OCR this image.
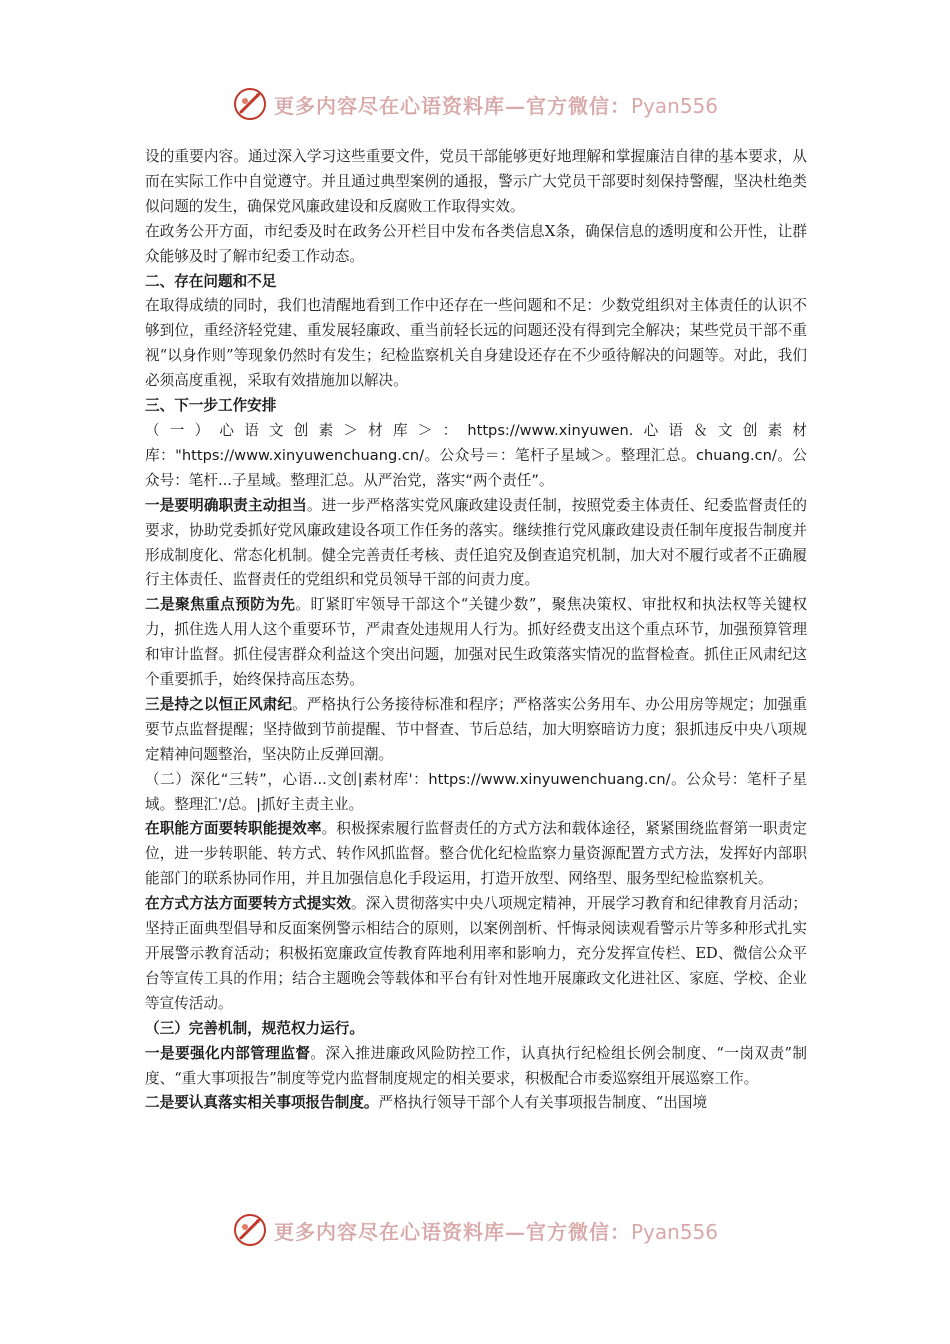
更多内容尽在心语资料库—官方微信：Pyan556

设的重要内容。通过深入学习这些重要文件，党员干部能够更好地理解和掌握廉洁自律的基本要求，从而在实际工作中自觉遵守。并且通过典型案例的通报，警示广大党员干部要时刻保持警醒，坚决杜绝类似问题的发生，确保党风廉政建设和反腐败工作取得实效。

在政务公开方面，市纪委及时在政务公开栏目中发布各类信息X条，确保信息的透明度和公开性，让群众能够及时了解市纪委工作动态。

二、存在问题和不足

在取得成绩的同时，我们也清醒地看到工作中还存在一些问题和不足：少数党组织对主体责任的认识不够到位，重经济轻党建、重发展轻廉政、重当前轻长远的问题还没有得到完全解决；某些党员干部不重视“以身作则”等现象仍然时有发生；纪检监察机关自身建设还存在不少亟待解决的问题等。对此，我们必须高度重视，采取有效措施加以解决。

三、下一步工作安排

（一）心语文创素＞材库＞：https://www.xinyuwen.心语＆文创素材库："https://www.xinyuwenchuang.cn/。公众号＝：笔杆子星域＞。整理汇总。chuang.cn/。公众号：笔杆...子星域。整理汇总。从严治党，落实“两个责任”。

一是要明确职责主动担当。进一步严格落实党风廉政建设责任制，按照党委主体责任、纪委监督责任的要求，协助党委抓好党风廉政建设各项工作任务的落实。继续推行党风廉政建设责任制年度报告制度并形成制度化、常态化机制。健全完善责任考核、责任追究及倒查追究机制，加大对不履行或者不正确履行主体责任、监督责任的党组织和党员领导干部的问责力度。

二是聚焦重点预防为先。盯紧盯牢领导干部这个“关键少数”，聚焦决策权、审批权和执法权等关键权力，抓住选人用人这个重要环节，严肃查处违规用人行为。抓好经费支出这个重点环节，加强预算管理和审计监督。抓住侵害群众利益这个突出问题，加强对民生政策落实情况的监督检查。抓住正风肃纪这个重要抓手，始终保持高压态势。

三是持之以恒正风肃纪。严格执行公务接待标准和程序；严格落实公务用车、办公用房等规定；加强重要节点监督提醒；坚持做到节前提醒、节中督查、节后总结，加大明察暗访力度；狠抓违反中央八项规定精神问题整治，坚决防止反弹回潮。

（二）深化“三转”，心语...文创|素材库'：https://www.xinyuwenchuang.cn/。公众号：笔杆子星域。整理汇'/总。|抓好主责主业。

在职能方面要转职能提效率。积极探索履行监督责任的方式方法和载体途径，紧紧围绕监督第一职责定位，进一步转职能、转方式、转作风抓监督。整合优化纪检监察力量资源配置方式方法，发挥好内部职能部门的联系协同作用，并且加强信息化手段运用，打造开放型、网络型、服务型纪检监察机关。

在方式方法方面要转方式提实效。深入贯彻落实中央八项规定精神，开展学习教育和纪律教育月活动；坚持正面典型倡导和反面案例警示相结合的原则，以案例剖析、忏悔录阅读观看警示片等多种形式扎实开展警示教育活动；积极拓宽廉政宣传教育阵地利用率和影响力，充分发挥宣传栏、ED、微信公众平台等宣传工具的作用；结合主题晚会等载体和平台有针对性地开展廉政文化进社区、家庭、学校、企业等宣传活动。

（三）完善机制，规范权力运行。

一是要强化内部管理监督。深入推进廉政风险防控工作，认真执行纪检组长例会制度、“一岗双责”制度、“重大事项报告”制度等党内监督制度规定的相关要求，积极配合市委巡察组开展巡察工作。

二是要认真落实相关事项报告制度。严格执行领导干部个人有关事项报告制度、“出国境

更多内容尽在心语资料库—官方微信：Pyan556
